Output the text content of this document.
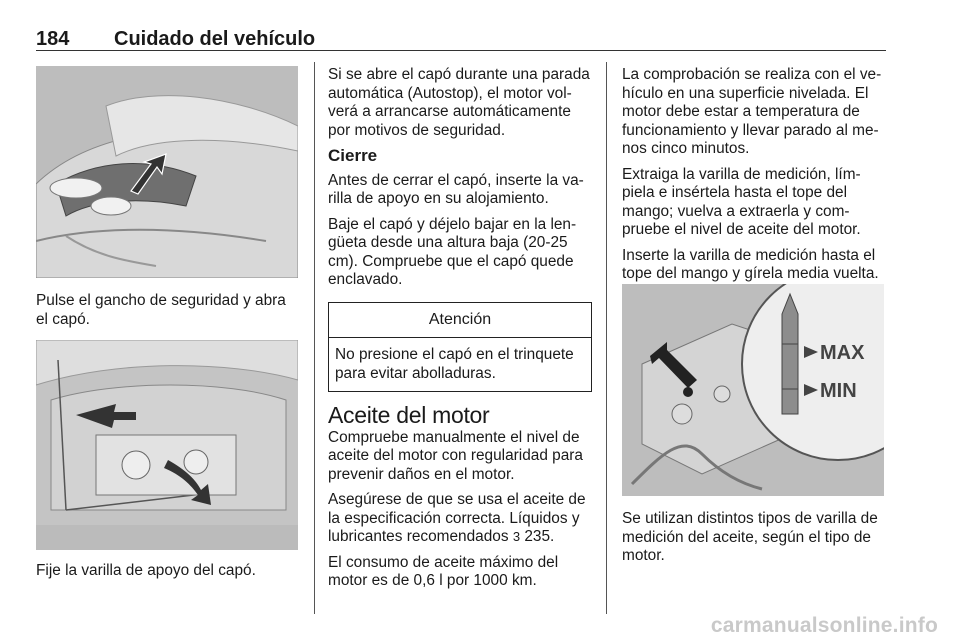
184 Cuidado del vehículo
Pulse el gancho de seguridad y abra el capó.
Fije la varilla de apoyo del capó.

Si se abre el capó durante una parada automática (Autostop), el motor vol-verá a arrancarse automáticamente por motivos de seguridad.

Cierre

Antes de cerrar el capó, inserte la va-rilla de apoyo en su alojamiento.

Baje el capó y déjelo bajar en la len-güeta desde una altura baja (20-25 cm). Compruebe que el capó quede enclavado.

Atención
No presione el capó en el trinquete para evitar abolladuras.
Aceite del motor

Compruebe manualmente el nivel de aceite del motor con regularidad para prevenir daños en el motor.

Asegúrese de que se usa el aceite de la especificación correcta. Líquidos y lubricantes recomendados 3 235.

El consumo de aceite máximo del motor es de 0,6 l por 1000 km.

La comprobación se realiza con el ve-hículo en una superficie nivelada. El motor debe estar a temperatura de funcionamiento y llevar parado al me-nos cinco minutos.

Extraiga la varilla de medición, lím-piela e insértela hasta el tope del mango; vuelva a extraerla y com-pruebe el nivel de aceite del motor.

Inserte la varilla de medición hasta el tope del mango y gírela media vuelta.

MAX
MIN
Se utilizan distintos tipos de varilla de medición del aceite, según el tipo de motor.
carmanualsonline.info
